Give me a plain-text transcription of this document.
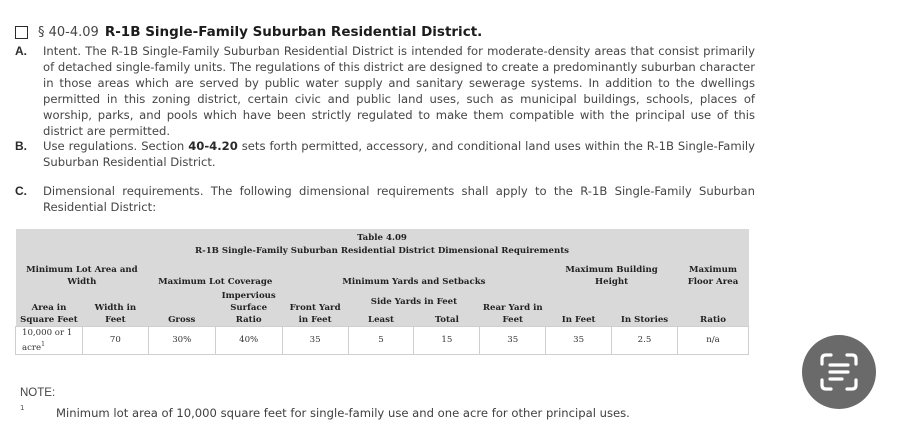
§ 40-4.09 R-1B Single-Family Suburban Residential District.
A.	Intent. The R-1B Single-Family Suburban Residential District is intended for moderate-density areas that consist primarily of detached single-family units. The regulations of this district are designed to create a predominantly suburban character in those areas which are served by public water supply and sanitary sewerage systems. In addition to the dwellings permitted in this zoning district, certain civic and public land uses, such as municipal buildings, schools, places of worship, parks, and pools which have been strictly regulated to make them compatible with the principal use of this district are permitted.
B.	Use regulations. Section 40-4.20 sets forth permitted, accessory, and conditional land uses within the R-1B Single-Family Suburban Residential District.
C.	Dimensional requirements. The following dimensional requirements shall apply to the R-1B Single-Family Suburban Residential District:
Table 4.09
R-1B Single-Family Suburban Residential District Dimensional Requirements										

Minimum Lot Area and Width		Maximum Lot Coverage		Minimum Yards and Setbacks				Maximum Building Height		Maximum Floor Area
Area in Square Feet	Width in Feet	Gross	Impervious Surface Ratio	Front Yard in Feet	Side Yards in Feet		Rear Yard in Feet	In Feet	In Stories	Ratio
					Least	Total				
10,000 or 1 acre$^1$	70	30%	40%	35	5	15	35	35	2.5	n/a
NOTE:
1	Minimum lot area of 10,000 square feet for single-family use and one acre for other principal uses.
